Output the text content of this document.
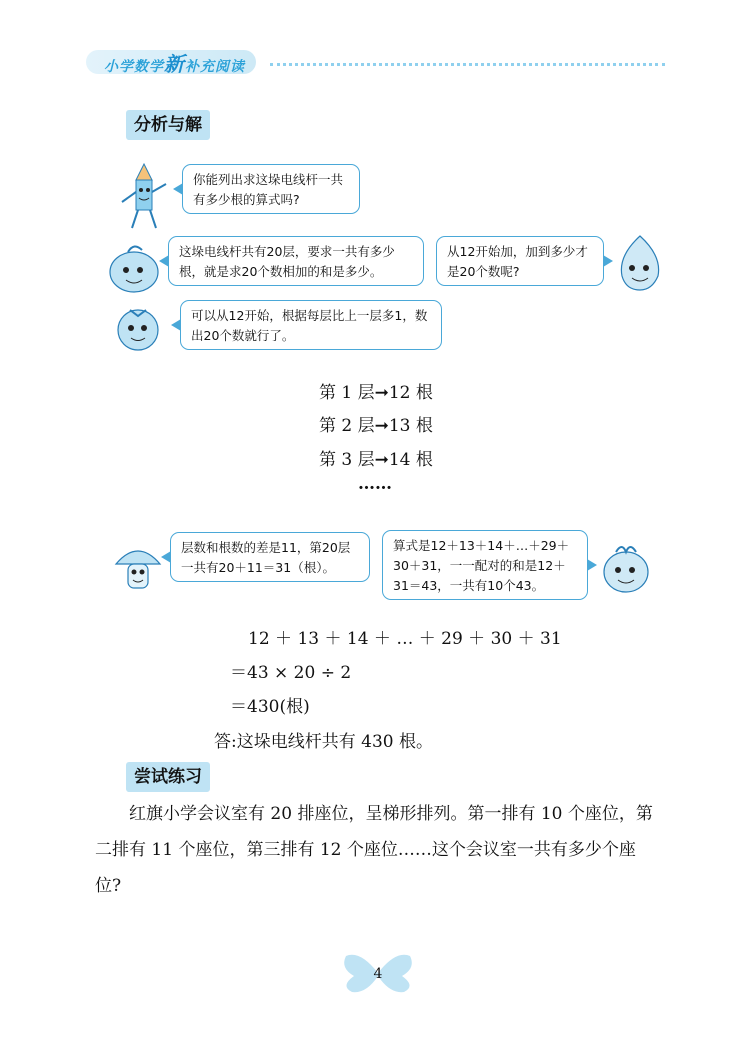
小学数学新补充阅读
分析与解
你能列出求这垛电线杆一共有多少根的算式吗?
这垛电线杆共有20层，要求一共有多少根，就是求20个数相加的和是多少。
从12开始加，加到多少才是20个数呢?
可以从12开始，根据每层比上一层多1，数出20个数就行了。
第 1 层➞12 根
第 2 层➞13 根
第 3 层➞14 根
……
层数和根数的差是11，第20层一共有20＋11＝31（根）。
算式是12＋13＋14＋…＋29＋30＋31，一一配对的和是12＋31＝43，一共有10个43。
12 ＋ 13 ＋ 14 ＋ … ＋ 29 ＋ 30 ＋ 31
＝43 × 20 ÷ 2
＝430(根)
答:这垛电线杆共有 430 根。
尝试练习
红旗小学会议室有 20 排座位，呈梯形排列。第一排有 10 个座位，第二排有 11 个座位，第三排有 12 个座位……这个会议室一共有多少个座位?
4
